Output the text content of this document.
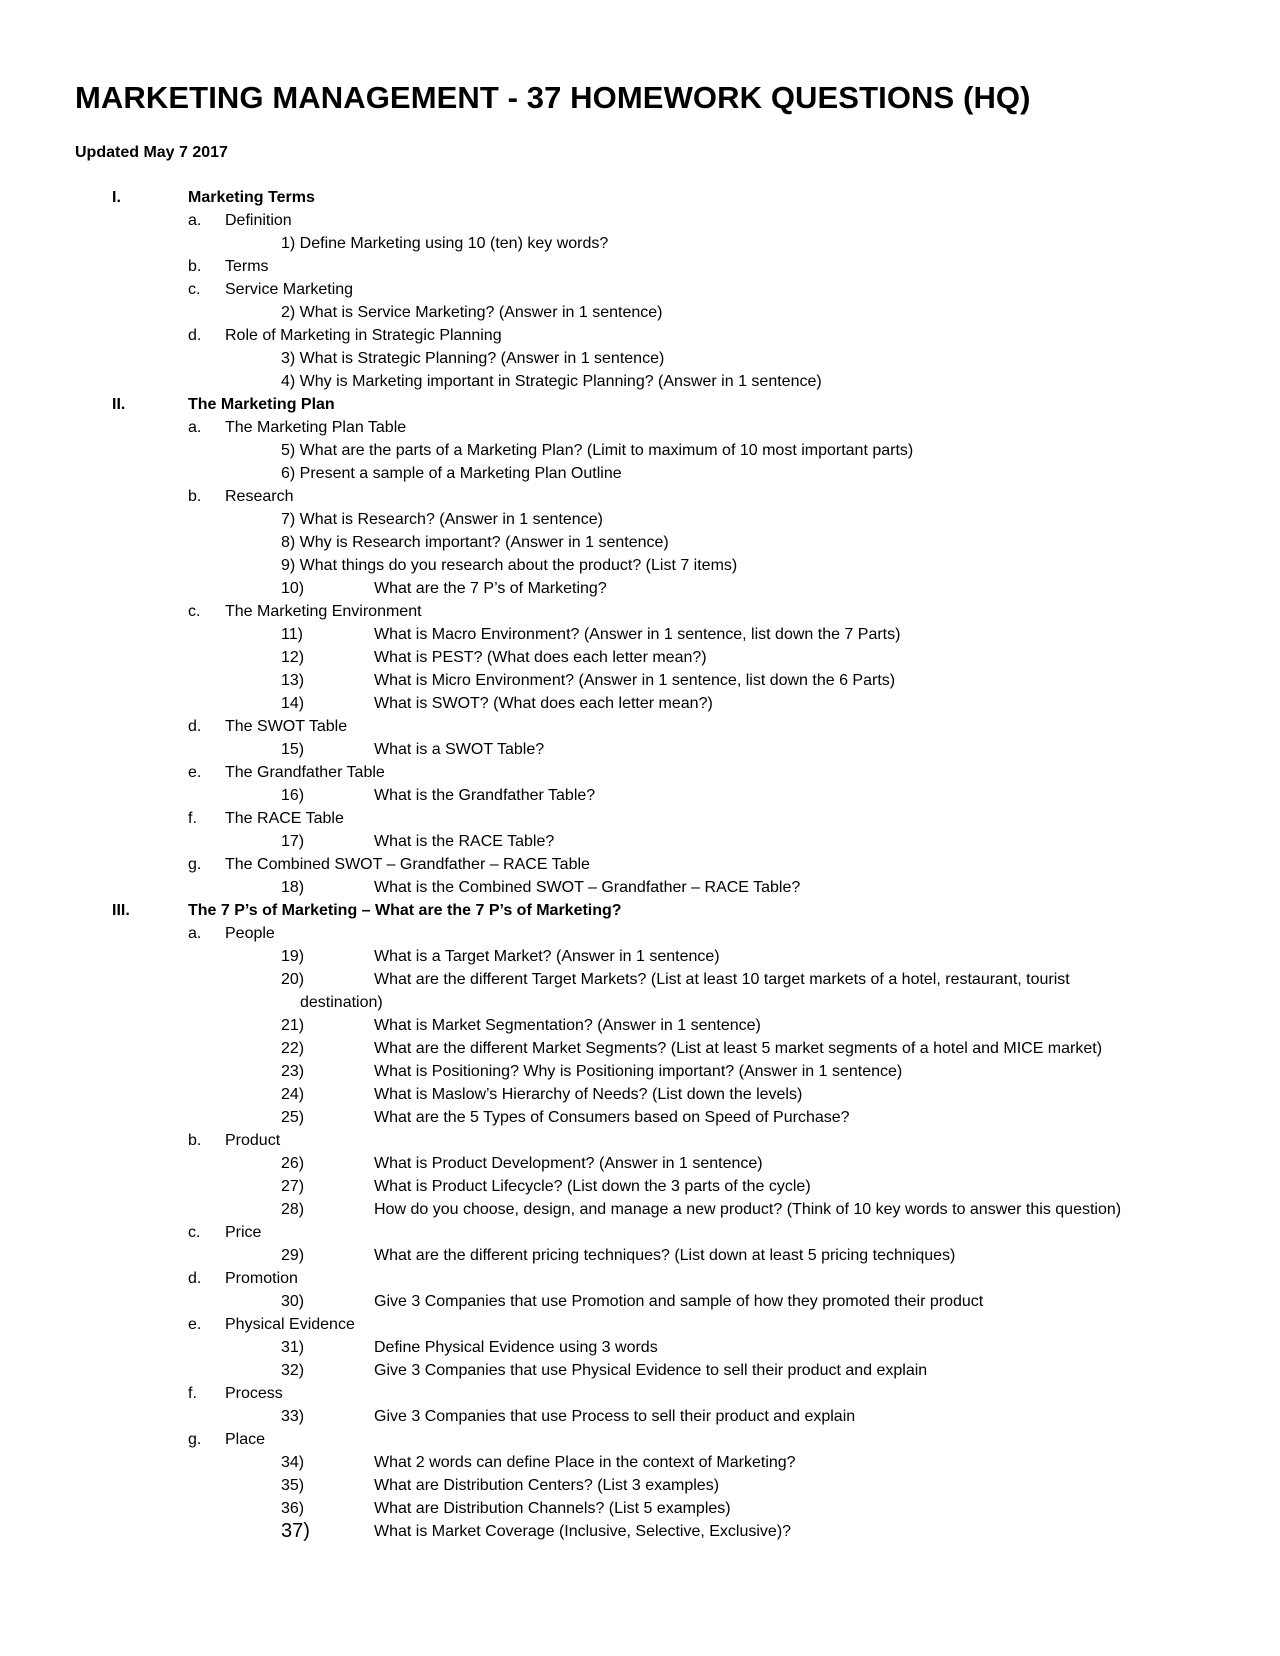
MARKETING MANAGEMENT - 37 HOMEWORK QUESTIONS (HQ)
Updated May 7 2017
I.	Marketing Terms
a. Definition
1) Define Marketing using 10 (ten) key words?
b. Terms
c. Service Marketing
2) What is Service Marketing? (Answer in 1 sentence)
d. Role of Marketing in Strategic Planning
3) What is Strategic Planning? (Answer in 1 sentence)
4) Why is Marketing important in Strategic Planning? (Answer in 1 sentence)
II.	The Marketing Plan
a. The Marketing Plan Table
5) What are the parts of a Marketing Plan? (Limit to maximum of 10 most important parts)
6) Present a sample of a Marketing Plan Outline
b. Research
7) What is Research? (Answer in 1 sentence)
8) Why is Research important? (Answer in 1 sentence)
9) What things do you research about the product? (List 7 items)
10)	What are the 7 P’s of Marketing?
c. The Marketing Environment
11)	What is Macro Environment? (Answer in 1 sentence, list down the 7 Parts)
12)	What is PEST? (What does each letter mean?)
13)	What is Micro Environment? (Answer in 1 sentence, list down the 6 Parts)
14)	What is SWOT? (What does each letter mean?)
d. The SWOT Table
15)	What is a SWOT Table?
e. The Grandfather Table
16)	What is the Grandfather Table?
f. The RACE Table
17)	What is the RACE Table?
g. The Combined SWOT – Grandfather – RACE Table
18)	What is the Combined SWOT – Grandfather – RACE Table?
III.	The 7 P’s of Marketing – What are the 7 P’s of Marketing?
a. People
19)	What is a Target Market? (Answer in 1 sentence)
20)	What are the different Target Markets? (List at least 10 target markets of a hotel, restaurant, tourist
destination)
21)	What is Market Segmentation? (Answer in 1 sentence)
22)	What are the different Market Segments? (List at least 5 market segments of a hotel and MICE market)
23)	What is Positioning? Why is Positioning important? (Answer in 1 sentence)
24)	What is Maslow’s Hierarchy of Needs? (List down the levels)
25)	What are the 5 Types of Consumers based on Speed of Purchase?
b. Product
26)	What is Product Development? (Answer in 1 sentence)
27)	What is Product Lifecycle? (List down the 3 parts of the cycle)
28)	How do you choose, design, and manage a new product? (Think of 10 key words to answer this question)
c. Price
29)	What are the different pricing techniques? (List down at least 5 pricing techniques)
d. Promotion
30)	Give 3 Companies that use Promotion and sample of how they promoted their product
e. Physical Evidence
31)	Define Physical Evidence using 3 words
32)	Give 3 Companies that use Physical Evidence to sell their product and explain
f. Process
33)	Give 3 Companies that use Process to sell their product and explain
g. Place
34)	What 2 words can define Place in the context of Marketing?
35)	What are Distribution Centers? (List 3 examples)
36)	What are Distribution Channels? (List 5 examples)
37)	What is Market Coverage (Inclusive, Selective, Exclusive)?
